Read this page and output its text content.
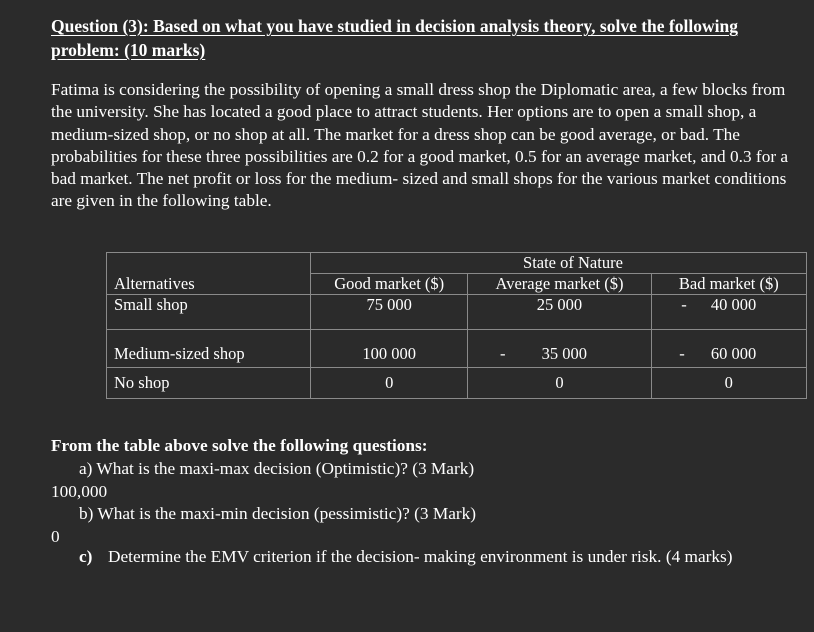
Question (3): Based on what you have studied in decision analysis theory, solve the following problem: (10 marks)
Fatima is considering the possibility of opening a small dress shop the Diplomatic area, a few blocks from the university. She has located a good place to attract students. Her options are to open a small shop, a medium-sized shop, or no shop at all. The market for a dress shop can be good average, or bad. The probabilities for these three possibilities are 0.2 for a good market, 0.5 for an average market, and 0.3 for a bad market. The net profit or loss for the medium- sized and small shops for the various market conditions are given in the following table.
	State of Nature		
Alternatives	Good market ($)	Average market ($)	Bad market ($)
Small shop	75 000	25 000	- 40 000
Medium-sized shop	100 000	- 35 000	- 60 000
No shop	0	0	0
From the table above solve the following questions:
a) What is the maxi-max decision (Optimistic)? (3 Mark)
100,000
b) What is the maxi-min decision (pessimistic)? (3 Mark)
0
c) Determine the EMV criterion if the decision- making environment is under risk. (4 marks)
